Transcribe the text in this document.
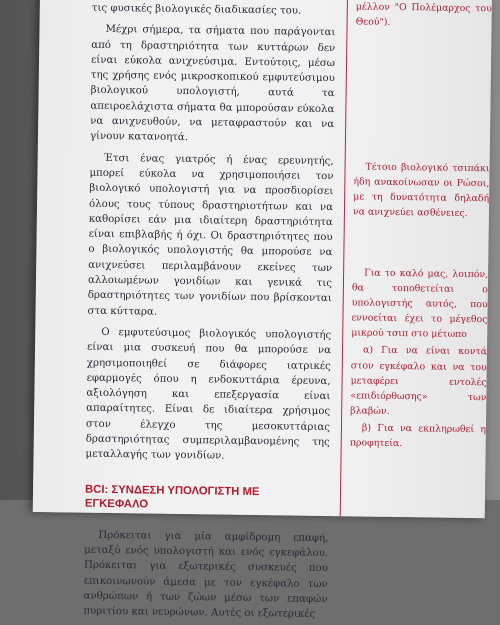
τις φυσικές βιολογικές διαδικασίες του.

Μέχρι σήμερα, τα σήματα που παράγονται από τη δραστηριότητα των κυττάρων δεν είναι εύκολα ανιχνεύσιμα. Εντούτοις, μέσω της χρήσης ενός μικροσκοπικού εμφυτεύσιμου βιολογικού υπολογιστή, αυτά τα απειροελάχιστα σήματα θα μπορούσαν εύκολα να ανιχνευθούν, να μεταφραστούν και να γίνουν κατανοητά.

Έτσι ένας γιατρός ή ένας ερευνητής, μπορεί εύκολα να χρησιμοποιήσει τον βιολογικό υπολογιστή για να προσδιορίσει όλους τους τύπους δραστηριοτήτων και να καθορίσει εάν μια ιδιαίτερη δραστηριότητα είναι επιβλαβής ή όχι. Οι δραστηριότητες που ο βιολογικός υπολογιστής θα μπορούσε να ανιχνεύσει περιλαμβάνουν εκείνες των αλλοιωμένων γονιδίων και γενικά τις δραστηριότητες των γονιδίων που βρίσκονται στα κύτταρα.

Ο εμφυτεύσιμος βιολογικός υπολογιστής είναι μια συσκευή που θα μπορούσε να χρησιμοποιηθεί σε διάφορες ιατρικές εφαρμογές όπου η ενδοκυττάρια έρευνα, αξιολόγηση και επεξεργασία είναι απαραίτητες. Είναι δε ιδιαίτερα χρήσιμος στον έλεγχο της μεσοκυττάριας δραστηριότητας συμπεριλαμβανομένης της μεταλλαγής των γονιδίων.

BCI: ΣΥΝΔΕΣΗ ΥΠΟΛΟΓΙΣΤΗ ΜΕ
ΕΓΚΕΦΑΛΟ

Πρόκειται για μία αμφίδρομη επαφή, μεταξύ ενός υπολογιστή και ενός εγκεφάλου. Πρόκειται για εξωτερικές συσκευές που επικοινωνούν άμεσα με τον εγκέφαλο των ανθρώπων ή των ζώων μέσω των επαφών πυριτίου και νευρώνων. Αυτές οι εξωτερικές

μέλλον "Ο Πολέμαρχος του Θεού").

Τέτοιο βιολογικό τσιπάκι ήδη ανακοίνωσαν οι Ρώσοι, με τη δυνατότητα δηλαδή να ανιχνεύει ασθένειες.

Για το καλό μας, λοιπόν, θα τοποθετείται ο υπολογιστής αυτός, που εννοείται έχει το μέγεθος μικρού τσιπ στο μέτωπο

α) Για να είναι κοντά στον εγκέφαλο και να του μεταφέρει εντολές «επιδιόρθωσης» των βλαβών.

β) Για να εκπληρωθεί η προφητεία.
